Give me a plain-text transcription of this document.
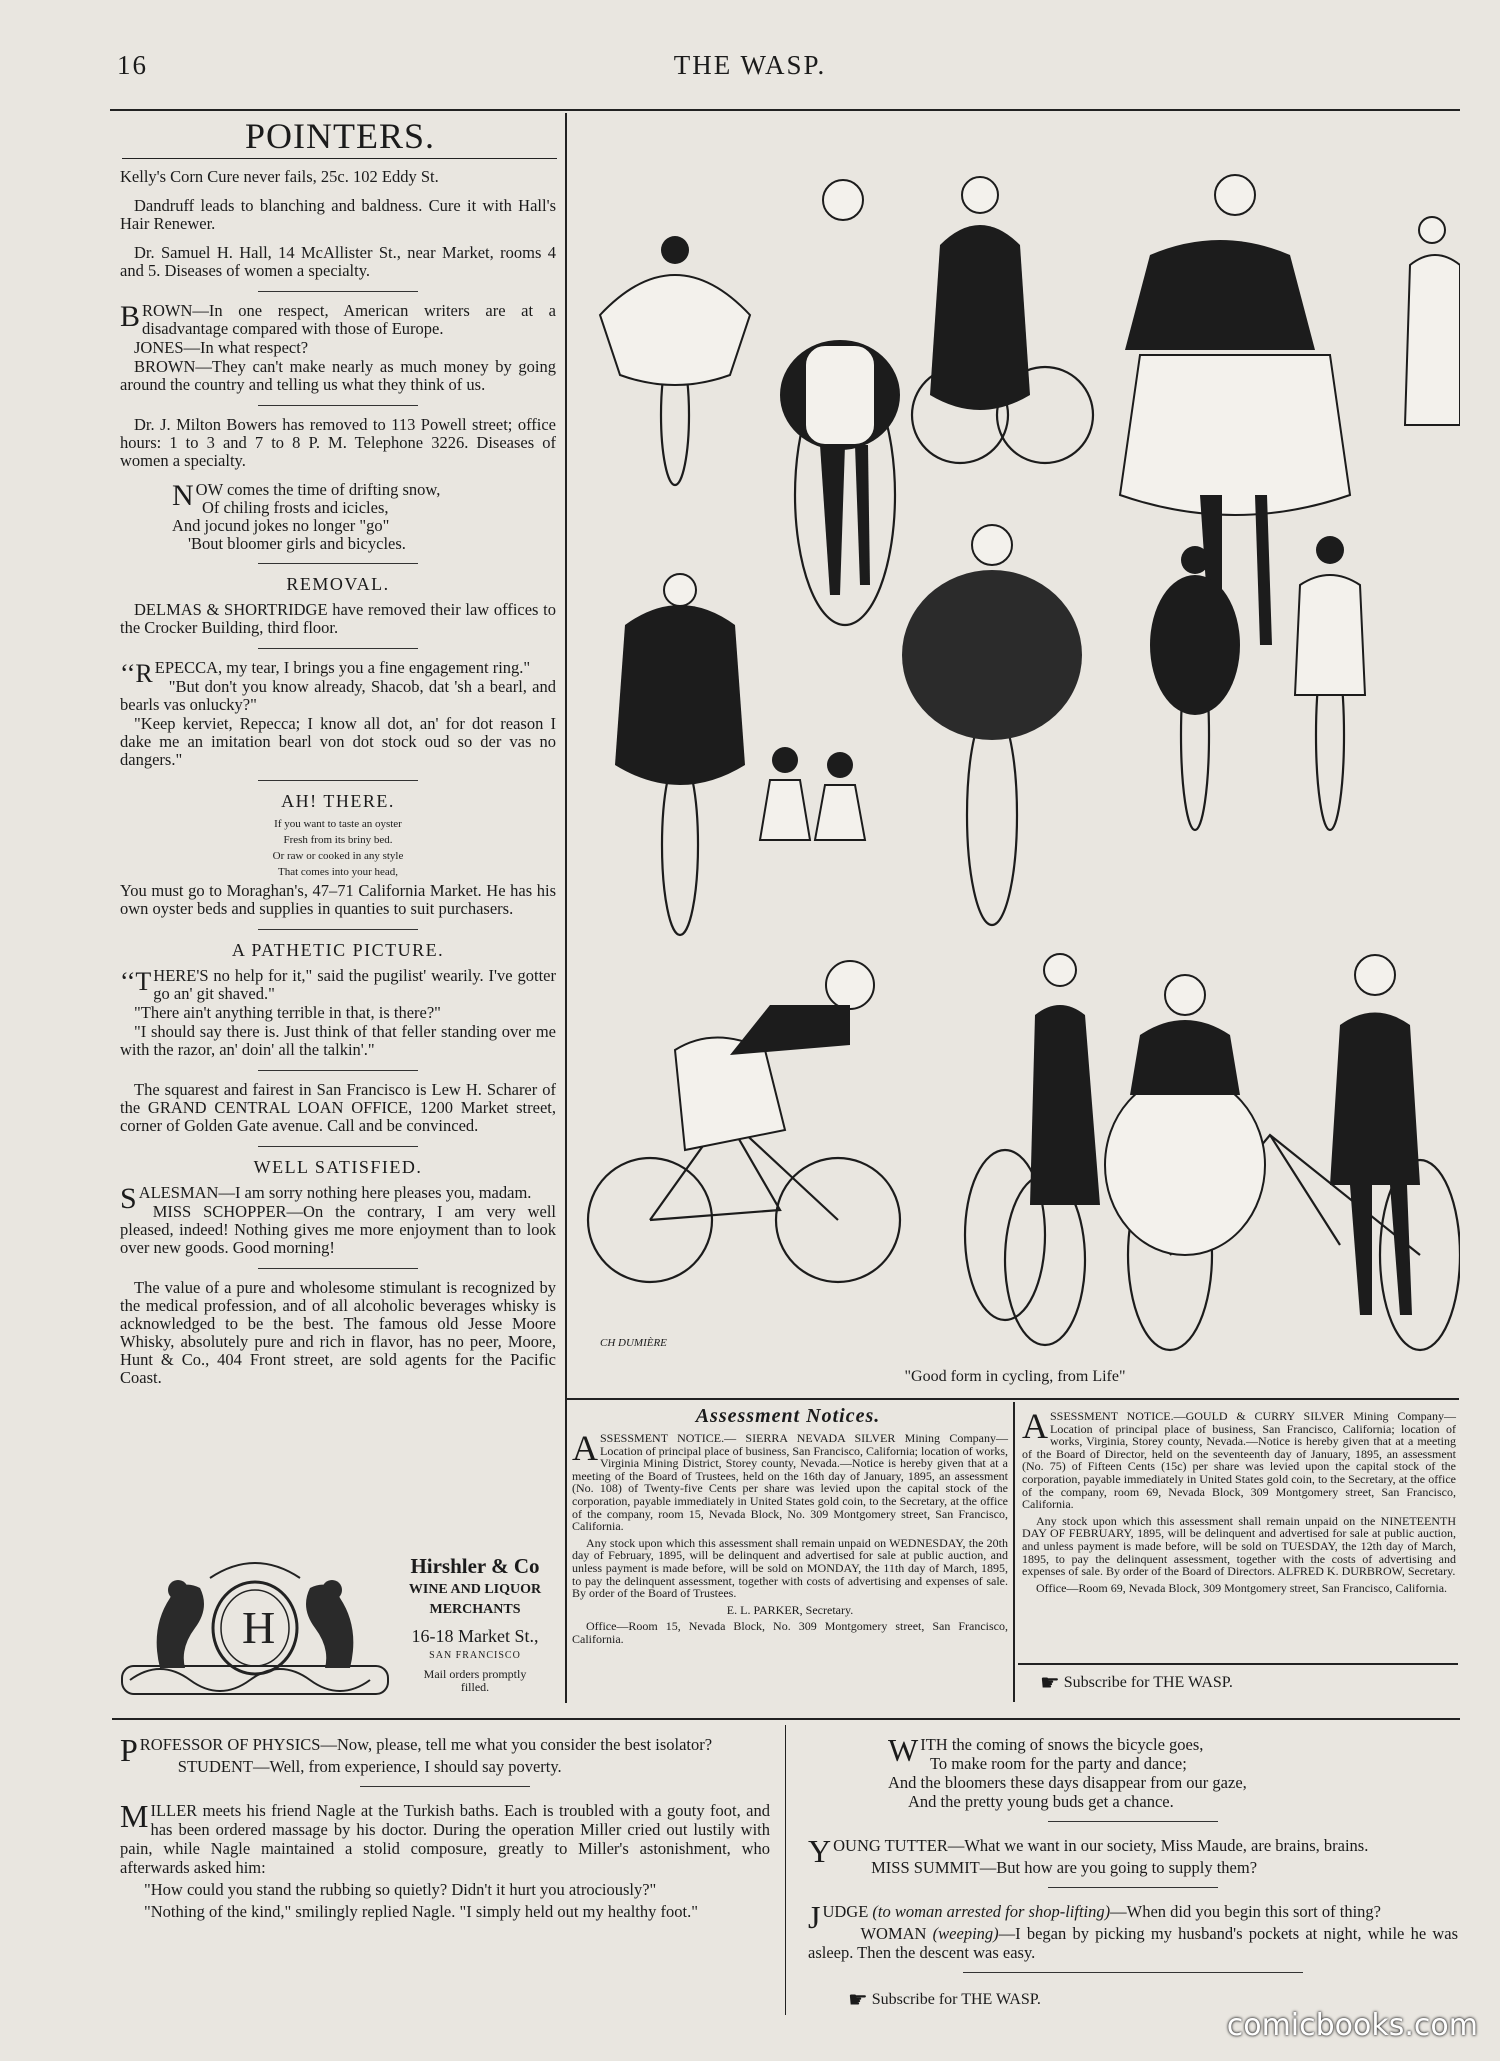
16	THE WASP.
POINTERS.

Kelly's Corn Cure never fails, 25c. 102 Eddy St.

Dandruff leads to blanching and baldness. Cure it with Hall's Hair Renewer.

Dr. Samuel H. Hall, 14 McAllister St., near Market, rooms 4 and 5. Diseases of women a specialty.

BROWN—In one respect, American writers are at a disadvantage compared with those of Europe.

JONES—In what respect?

BROWN—They can't make nearly as much money by going around the country and telling us what they think of us.

Dr. J. Milton Bowers has removed to 113 Powell street; office hours: 1 to 3 and 7 to 8 P. M. Telephone 3226. Diseases of women a specialty.

NOW comes the time of drifting snow,
Of chiling frosts and icicles,
And jocund jokes no longer "go"
'Bout bloomer girls and bicycles.
REMOVAL.

DELMAS & SHORTRIDGE have removed their law offices to the Crocker Building, third floor.

‘‘R EPECCA, my tear, I brings you a fine engagement ring."

"But don't you know already, Shacob, dat 'sh a bearl, and bearls vas onlucky?"

"Keep kerviet, Repecca; I know all dot, an' for dot reason I dake me an imitation bearl von dot stock oud so der vas no dangers."

AH! THERE.
If you want to taste an oyster
Fresh from its briny bed.
Or raw or cooked in any style
That comes into your head,

You must go to Moraghan's, 47–71 California Market. He has his own oyster beds and supplies in quanties to suit purchasers.

A PATHETIC PICTURE.

‘‘T HERE'S no help for it," said the pugilist' wearily. I've gotter go an' git shaved."

"There ain't anything terrible in that, is there?"

"I should say there is. Just think of that feller standing over me with the razor, an' doin' all the talkin'."

The squarest and fairest in San Francisco is Lew H. Scharer of the GRAND CENTRAL LOAN OFFICE, 1200 Market street, corner of Golden Gate avenue. Call and be convinced.

WELL SATISFIED.

SALESMAN—I am sorry nothing here pleases you, madam.

MISS SCHOPPER—On the contrary, I am very well pleased, indeed! Nothing gives me more enjoyment than to look over new goods. Good morning!

The value of a pure and wholesome stimulant is recognized by the medical profession, and of all alcoholic beverages whisky is acknowledged to be the best. The famous old Jesse Moore Whisky, absolutely pure and rich in flavor, has no peer, Moore, Hunt & Co., 404 Front street, are sold agents for the Pacific Coast.

H
Hirshler & Co
WINE AND LIQUOR
MERCHANTS
16-18 Market St.,
SAN FRANCISCO
Mail orders promptly filled.
CH DUMIÈRE
"Good form in cycling, from Life"
Assessment Notices.

ASSESSMENT NOTICE.— SIERRA NEVADA SILVER Mining Company—Location of principal place of business, San Francisco, California; location of works, Virginia Mining District, Storey county, Nevada.—Notice is hereby given that at a meeting of the Board of Trustees, held on the 16th day of January, 1895, an assessment (No. 108) of Twenty-five Cents per share was levied upon the capital stock of the corporation, payable immediately in United States gold coin, to the Secretary, at the office of the company, room 15, Nevada Block, No. 309 Montgomery street, San Francisco, California.

Any stock upon which this assessment shall remain unpaid on WEDNESDAY, the 20th day of February, 1895, will be delinquent and advertised for sale at public auction, and unless payment is made before, will be sold on MONDAY, the 11th day of March, 1895, to pay the delinquent assessment, together with costs of advertising and expenses of sale. By order of the Board of Trustees.

E. L. PARKER, Secretary.

Office—Room 15, Nevada Block, No. 309 Montgomery street, San Francisco, California.

ASSESSMENT NOTICE.—GOULD & CURRY SILVER Mining Company—Location of principal place of business, San Francisco, California; location of works, Virginia, Storey county, Nevada.—Notice is hereby given that at a meeting of the Board of Director, held on the seventeenth day of January, 1895, an assessment (No. 75) of Fifteen Cents (15c) per share was levied upon the capital stock of the corporation, payable immediately in United States gold coin, to the Secretary, at the office of the company, room 69, Nevada Block, 309 Montgomery street, San Francisco, California.

Any stock upon which this assessment shall remain unpaid on the NINETEENTH DAY OF FEBRUARY, 1895, will be delinquent and advertised for sale at public auction, and unless payment is made before, will be sold on TUESDAY, the 12th day of March, 1895, to pay the delinquent assessment, together with the costs of advertising and expenses of sale. By order of the Board of Directors. ALFRED K. DURBROW, Secretary.

Office—Room 69, Nevada Block, 309 Montgomery street, San Francisco, California.

☛ Subscribe for THE WASP.

PROFESSOR OF PHYSICS—Now, please, tell me what you consider the best isolator?

STUDENT—Well, from experience, I should say poverty.

MILLER meets his friend Nagle at the Turkish baths. Each is troubled with a gouty foot, and has been ordered massage by his doctor. During the operation Miller cried out lustily with pain, while Nagle maintained a stolid composure, greatly to Miller's astonishment, who afterwards asked him:

"How could you stand the rubbing so quietly? Didn't it hurt you atrociously?"

"Nothing of the kind," smilingly replied Nagle. "I simply held out my healthy foot."

WITH the coming of snows the bicycle goes,
To make room for the party and dance;
And the bloomers these days disappear from our gaze,
And the pretty young buds get a chance.

YOUNG TUTTER—What we want in our society, Miss Maude, are brains, brains.

MISS SUMMIT—But how are you going to supply them?

JUDGE (to woman arrested for shop-lifting)—When did you begin this sort of thing?

WOMAN (weeping)—I began by picking my husband's pockets at night, while he was asleep. Then the descent was easy.

☛ Subscribe for THE WASP.
comicbooks.com
